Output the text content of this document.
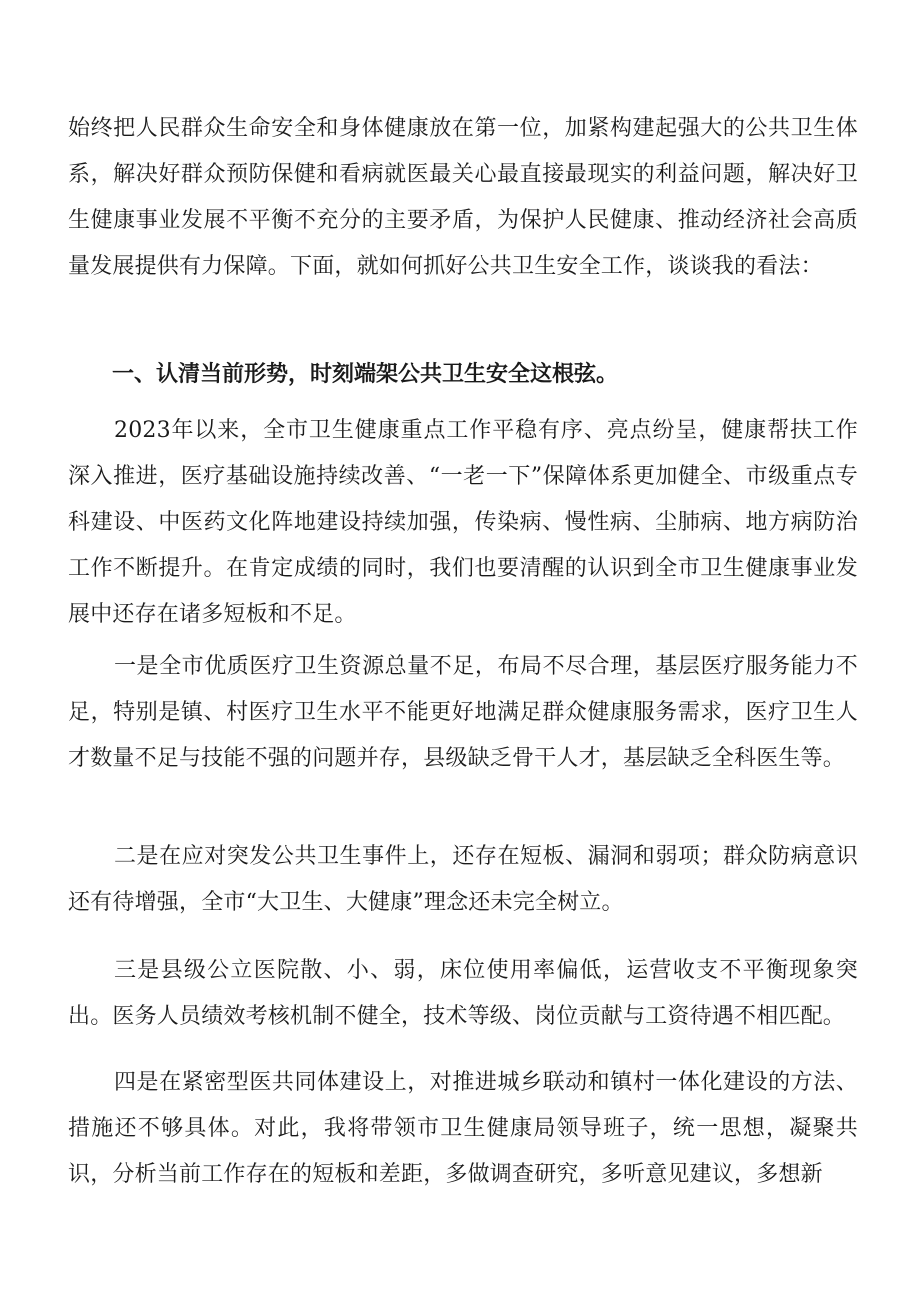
始终把人民群众生命安全和身体健康放在第一位，加紧构建起强大的公共卫生体系，解决好群众预防保健和看病就医最关心最直接最现实的利益问题，解决好卫生健康事业发展不平衡不充分的主要矛盾，为保护人民健康、推动经济社会高质量发展提供有力保障。下面，就如何抓好公共卫生安全工作，谈谈我的看法：

一、认清当前形势，时刻端架公共卫生安全这根弦。

2023年以来，全市卫生健康重点工作平稳有序、亮点纷呈，健康帮扶工作深入推进，医疗基础设施持续改善、“一老一下”保障体系更加健全、市级重点专科建设、中医药文化阵地建设持续加强，传染病、慢性病、尘肺病、地方病防治工作不断提升。在肯定成绩的同时，我们也要清醒的认识到全市卫生健康事业发展中还存在诸多短板和不足。

一是全市优质医疗卫生资源总量不足，布局不尽合理，基层医疗服务能力不足，特别是镇、村医疗卫生水平不能更好地满足群众健康服务需求，医疗卫生人才数量不足与技能不强的问题并存，县级缺乏骨干人才，基层缺乏全科医生等。

二是在应对突发公共卫生事件上，还存在短板、漏洞和弱项；群众防病意识还有待增强，全市“大卫生、大健康”理念还未完全树立。

三是县级公立医院散、小、弱，床位使用率偏低，运营收支不平衡现象突出。医务人员绩效考核机制不健全，技术等级、岗位贡献与工资待遇不相匹配。

四是在紧密型医共同体建设上，对推进城乡联动和镇村一体化建设的方法、措施还不够具体。对此，我将带领市卫生健康局领导班子，统一思想，凝聚共识，分析当前工作存在的短板和差距，多做调查研究，多听意见建议，多想新
